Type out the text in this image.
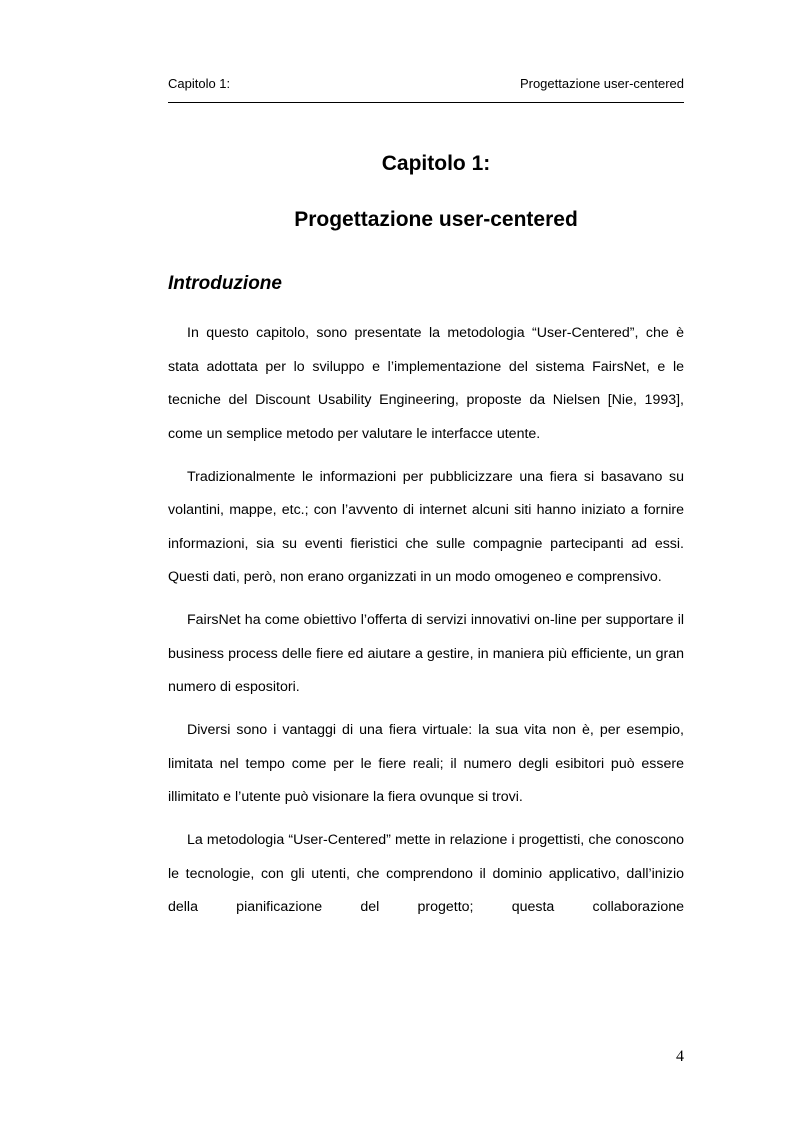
Capitolo 1:	Progettazione user-centered
Capitolo 1:
Progettazione user-centered
Introduzione

In questo capitolo, sono presentate la metodologia “User-Centered”, che è stata adottata per lo sviluppo e l’implementazione del sistema FairsNet, e le tecniche del Discount Usability Engineering, proposte da Nielsen [Nie, 1993], come un semplice metodo per valutare le interfacce utente.

Tradizionalmente le informazioni per pubblicizzare una fiera si basavano su volantini, mappe, etc.; con l’avvento di internet alcuni siti hanno iniziato a fornire informazioni, sia su eventi fieristici che sulle compagnie partecipanti ad essi. Questi dati, però, non erano organizzati in un modo omogeneo e comprensivo.

FairsNet ha come obiettivo l’offerta di servizi innovativi on-line per supportare il business process delle fiere ed aiutare a gestire, in maniera più efficiente, un gran numero di espositori.

Diversi sono i vantaggi di una fiera virtuale: la sua vita non è, per esempio, limitata nel tempo come per le fiere reali; il numero degli esibitori può essere illimitato e l’utente può visionare la fiera ovunque si trovi.

La metodologia “User-Centered” mette in relazione i progettisti, che conoscono le tecnologie, con gli utenti, che comprendono il dominio applicativo, dall’inizio della pianificazione del progetto; questa collaborazione

4
